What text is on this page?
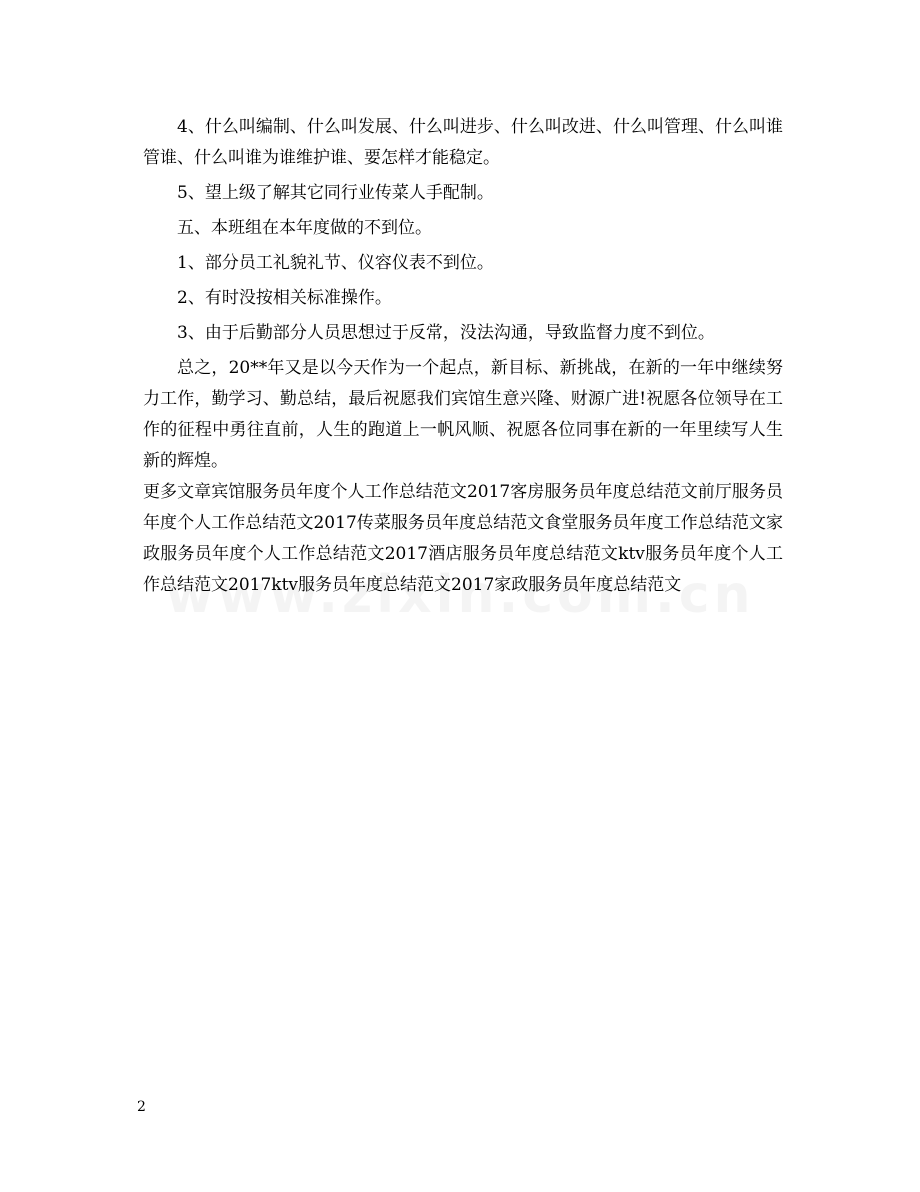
4、什么叫编制、什么叫发展、什么叫进步、什么叫改进、什么叫管理、什么叫谁管谁、什么叫谁为谁维护谁、要怎样才能稳定。

5、望上级了解其它同行业传菜人手配制。

五、本班组在本年度做的不到位。

1、部分员工礼貌礼节、仪容仪表不到位。

2、有时没按相关标准操作。

3、由于后勤部分人员思想过于反常，没法沟通，导致监督力度不到位。

总之，20**年又是以今天作为一个起点，新目标、新挑战，在新的一年中继续努力工作，勤学习、勤总结，最后祝愿我们宾馆生意兴隆、财源广进!祝愿各位领导在工作的征程中勇往直前，人生的跑道上一帆风顺、祝愿各位同事在新的一年里续写人生新的辉煌。

更多文章宾馆服务员年度个人工作总结范文2017客房服务员年度总结范文前厅服务员年度个人工作总结范文2017传菜服务员年度总结范文食堂服务员年度工作总结范文家政服务员年度个人工作总结范文2017酒店服务员年度总结范文ktv服务员年度个人工作总结范文2017ktv服务员年度总结范文2017家政服务员年度总结范文

2
